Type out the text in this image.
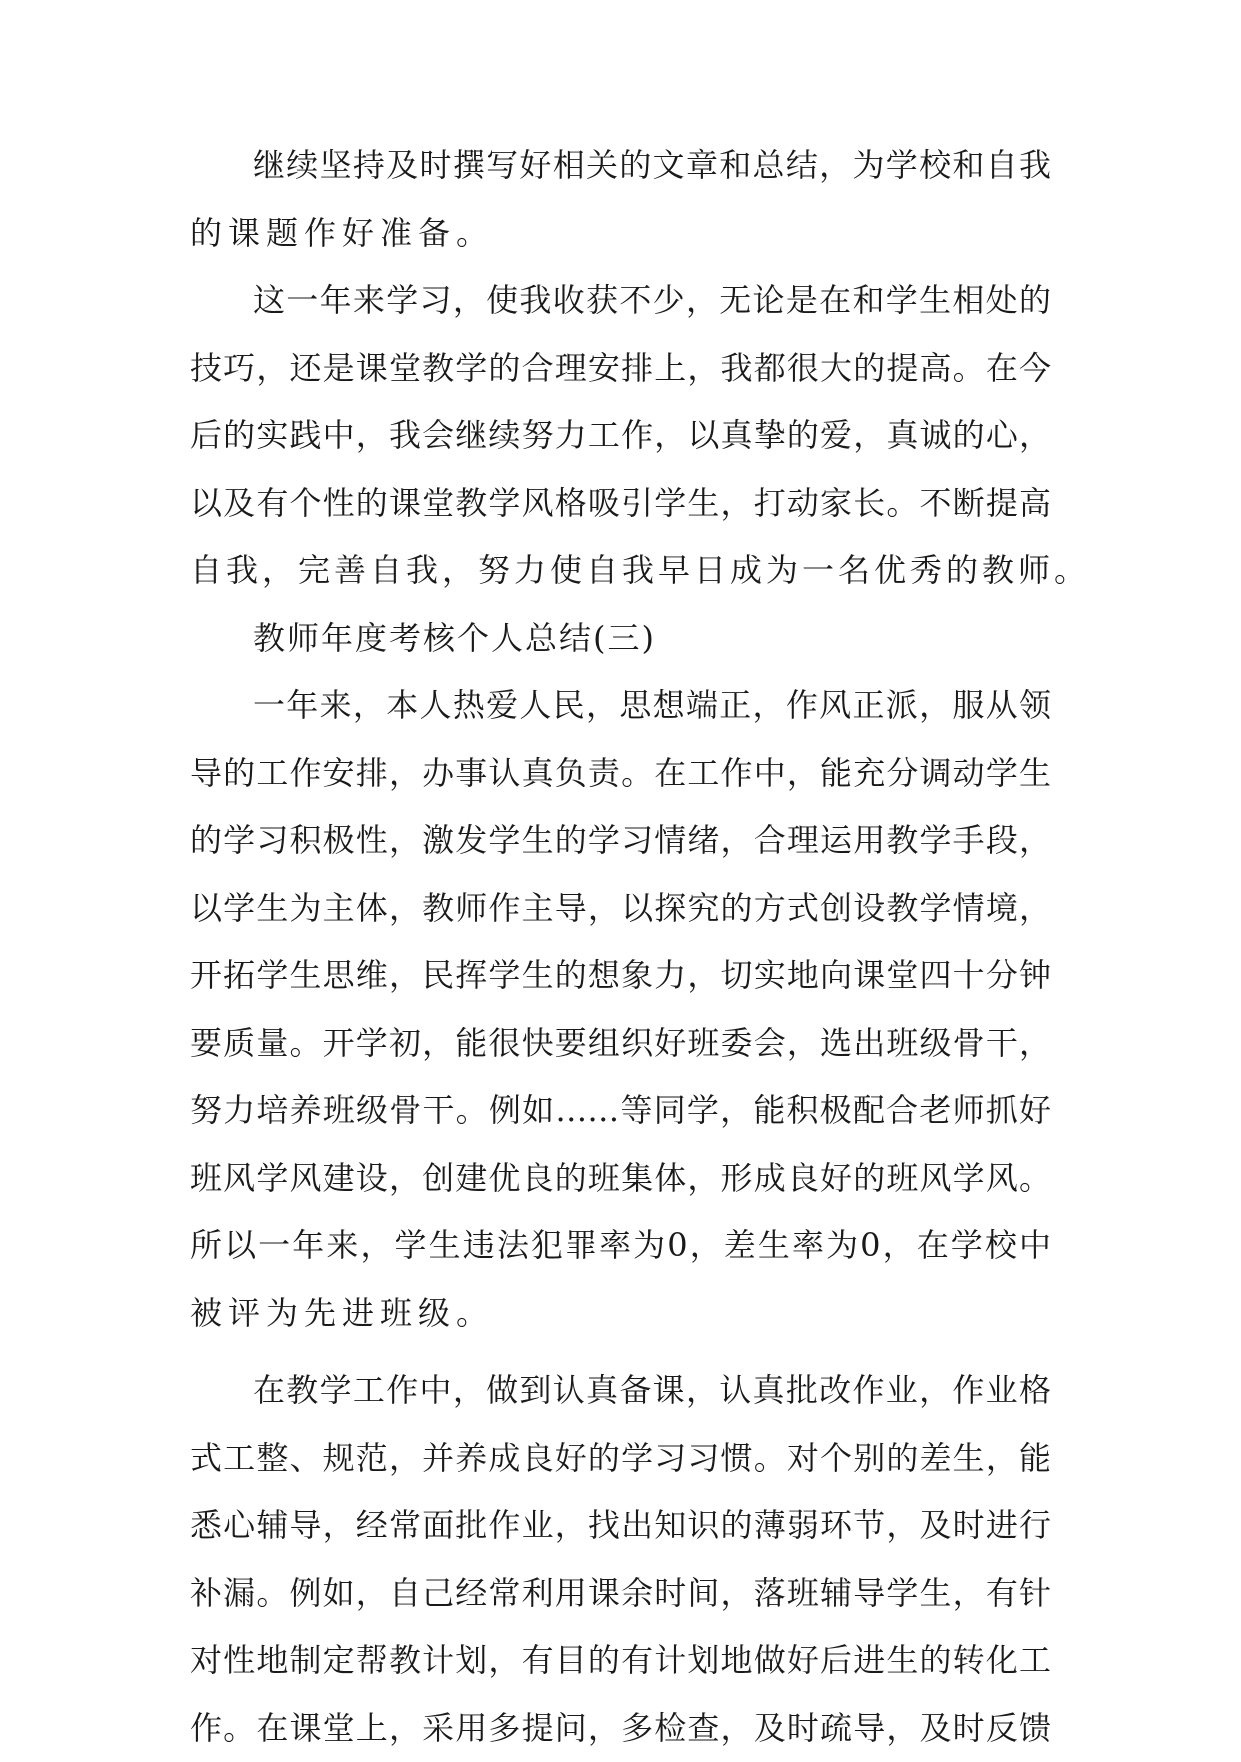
继续坚持及时撰写好相关的文章和总结，为学校和自我
的课题作好准备。
这一年来学习，使我收获不少，无论是在和学生相处的
技巧，还是课堂教学的合理安排上，我都很大的提高。在今
后的实践中，我会继续努力工作，以真挚的爱，真诚的心，
以及有个性的课堂教学风格吸引学生，打动家长。不断提高
自我，完善自我，努力使自我早日成为一名优秀的教师。
教师年度考核个人总结(三)
一年来，本人热爱人民，思想端正，作风正派，服从领
导的工作安排，办事认真负责。在工作中，能充分调动学生
的学习积极性，激发学生的学习情绪，合理运用教学手段，
以学生为主体，教师作主导，以探究的方式创设教学情境，
开拓学生思维，民挥学生的想象力，切实地向课堂四十分钟
要质量。开学初，能很快要组织好班委会，选出班级骨干，
努力培养班级骨干。例如……等同学，能积极配合老师抓好
班风学风建设，创建优良的班集体，形成良好的班风学风。
所以一年来，学生违法犯罪率为0，差生率为0，在学校中
被评为先进班级。
在教学工作中，做到认真备课，认真批改作业，作业格
式工整、规范，并养成良好的学习习惯。对个别的差生，能
悉心辅导，经常面批作业，找出知识的薄弱环节，及时进行
补漏。例如，自己经常利用课余时间，落班辅导学生，有针
对性地制定帮教计划，有目的有计划地做好后进生的转化工
作。在课堂上，采用多提问，多检查，及时疏导，及时反馈
